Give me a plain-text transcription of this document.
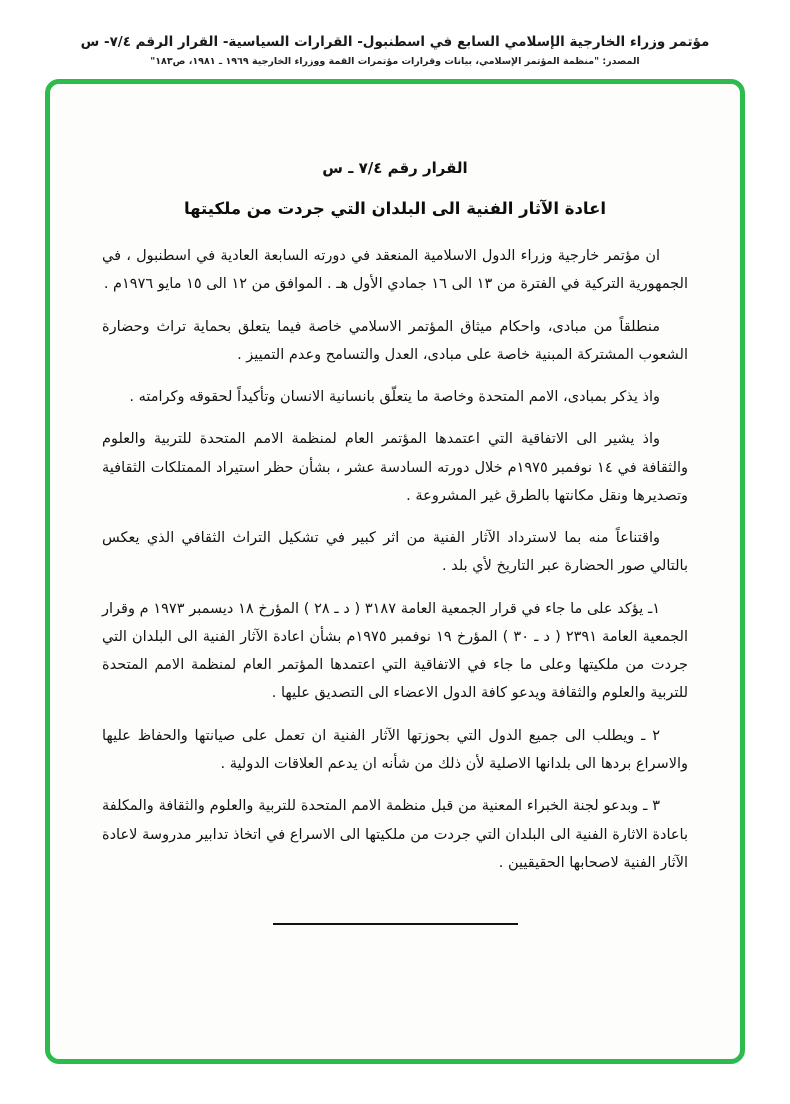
مؤتمر وزراء الخارجية الإسلامي السابع في اسطنبول- القرارات السياسية- القرار الرقم ٧/٤- س
المصدر: "منظمة المؤتمر الإسلامي، بيانات وقرارات مؤتمرات القمة ووزراء الخارجية ١٩٦٩ ـ ١٩٨١، ص١٨٣"
القرار رقم ٧/٤ ـ س
اعادة الآثار الفنية الى البلدان التي جردت من ملكيتها

ان مؤتمر خارجية وزراء الدول الاسلامية المنعقد في دورته السابعة العادية في اسطنبول ، في الجمهورية التركية في الفترة من ١٣ الى ١٦ جمادي الأول هـ . الموافق من ١٢ الى ١٥ مايو ١٩٧٦م .

منطلقاً من مبادى، واحكام ميثاق المؤتمر الاسلامي خاصة فيما يتعلق بحماية تراث وحضارة الشعوب المشتركة المبنية خاصة على مبادى، العدل والتسامح وعدم التمييز .

واذ يذكر بمبادى، الامم المتحدة وخاصة ما يتعلّق بانسانية الانسان وتأكيداً لحقوقه وكرامته .

واذ يشير الى الاتفاقية التي اعتمدها المؤتمر العام لمنظمة الامم المتحدة للتربية والعلوم والثقافة في ١٤ نوفمبر ١٩٧٥م خلال دورته السادسة عشر ، بشأن حظر استيراد الممتلكات الثقافية وتصديرها ونقل مكانتها بالطرق غير المشروعة .

واقتناعاً منه بما لاسترداد الآثار الفنية من اثر كبير في تشكيل التراث الثقافي الذي يعكس بالتالي صور الحضارة عبر التاريخ لأي بلد .

١ـ يؤكد على ما جاء في قرار الجمعية العامة ٣١٨٧ ( د ـ ٢٨ ) المؤرخ ١٨ ديسمبر ١٩٧٣ م وقرار الجمعية العامة ٢٣٩١ ( د ـ ٣٠ ) المؤرخ ١٩ نوفمبر ١٩٧٥م بشأن اعادة الآثار الفنية الى البلدان التي جردت من ملكيتها وعلى ما جاء في الاتفاقية التي اعتمدها المؤتمر العام لمنظمة الامم المتحدة للتربية والعلوم والثقافة ويدعو كافة الدول الاعضاء الى التصديق عليها .

٢ ـ ويطلب الى جميع الدول التي بحوزتها الآثار الفنية ان تعمل على صيانتها والحفاظ عليها والاسراع بردها الى بلدانها الاصلية لأن ذلك من شأنه ان يدعم العلاقات الدولية .

٣ ـ وبدعو لجنة الخبراء المعنية من قبل منظمة الامم المتحدة للتربية والعلوم والثقافة والمكلفة باعادة الاثارة الفنية الى البلدان التي جردت من ملكيتها الى الاسراع في اتخاذ تدابير مدروسة لاعادة الآثار الفنية لاصحابها الحقيقيين .
